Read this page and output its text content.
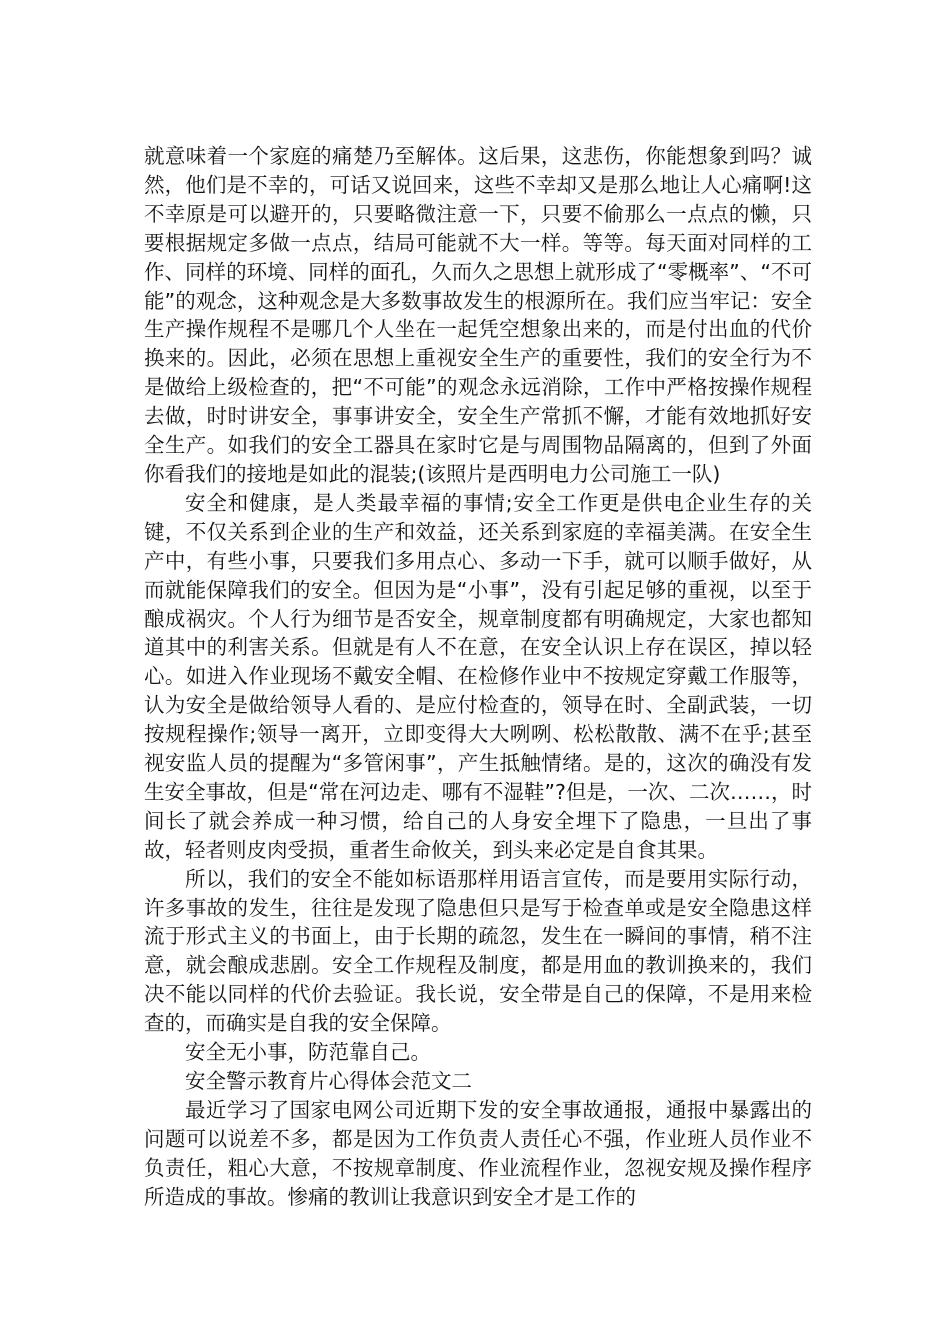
就意味着一个家庭的痛楚乃至解体。这后果，这悲伤，你能想象到吗？诚然，他们是不幸的，可话又说回来，这些不幸却又是那么地让人心痛啊!这不幸原是可以避开的，只要略微注意一下，只要不偷那么一点点的懒，只要根据规定多做一点点，结局可能就不大一样。等等。每天面对同样的工作、同样的环境、同样的面孔，久而久之思想上就形成了“零概率”、“不可能”的观念，这种观念是大多数事故发生的根源所在。我们应当牢记：安全生产操作规程不是哪几个人坐在一起凭空想象出来的，而是付出血的代价换来的。因此，必须在思想上重视安全生产的重要性，我们的安全行为不是做给上级检查的，把“不可能”的观念永远消除，工作中严格按操作规程去做，时时讲安全，事事讲安全，安全生产常抓不懈，才能有效地抓好安全生产。如我们的安全工器具在家时它是与周围物品隔离的，但到了外面你看我们的接地是如此的混装;(该照片是西明电力公司施工一队)

安全和健康，是人类最幸福的事情;安全工作更是供电企业生存的关键，不仅关系到企业的生产和效益，还关系到家庭的幸福美满。在安全生产中，有些小事，只要我们多用点心、多动一下手，就可以顺手做好，从而就能保障我们的安全。但因为是“小事”，没有引起足够的重视，以至于酿成祸灾。个人行为细节是否安全，规章制度都有明确规定，大家也都知道其中的利害关系。但就是有人不在意，在安全认识上存在误区，掉以轻心。如进入作业现场不戴安全帽、在检修作业中不按规定穿戴工作服等，认为安全是做给领导人看的、是应付检查的，领导在时、全副武装，一切按规程操作;领导一离开，立即变得大大咧咧、松松散散、满不在乎;甚至视安监人员的提醒为“多管闲事”，产生抵触情绪。是的，这次的确没有发生安全事故，但是“常在河边走、哪有不湿鞋”?但是，一次、二次……，时间长了就会养成一种习惯，给自己的人身安全埋下了隐患，一旦出了事故，轻者则皮肉受损，重者生命攸关，到头来必定是自食其果。

所以，我们的安全不能如标语那样用语言宣传，而是要用实际行动，许多事故的发生，往往是发现了隐患但只是写于检查单或是安全隐患这样流于形式主义的书面上，由于长期的疏忽，发生在一瞬间的事情，稍不注意，就会酿成悲剧。安全工作规程及制度，都是用血的教训换来的，我们决不能以同样的代价去验证。我长说，安全带是自己的保障，不是用来检查的，而确实是自我的安全保障。

安全无小事，防范靠自己。

安全警示教育片心得体会范文二

最近学习了国家电网公司近期下发的安全事故通报，通报中暴露出的问题可以说差不多，都是因为工作负责人责任心不强，作业班人员作业不负责任，粗心大意，不按规章制度、作业流程作业，忽视安规及操作程序所造成的事故。惨痛的教训让我意识到安全才是工作的
